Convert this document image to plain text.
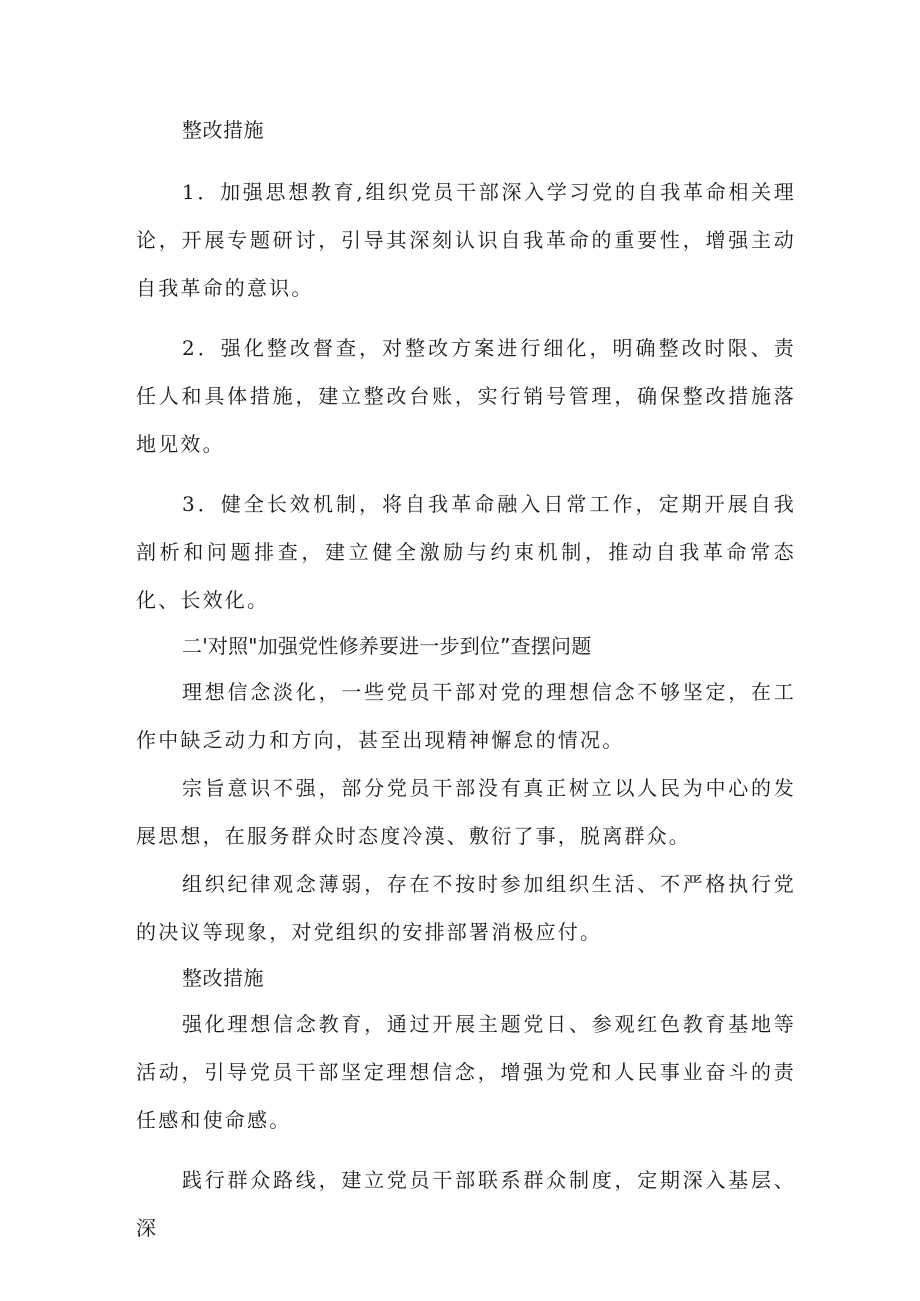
整改措施

1．加强思想教育,组织党员干部深入学习党的自我革命相关理论，开展专题研讨，引导其深刻认识自我革命的重要性，增强主动自我革命的意识。

2．强化整改督查，对整改方案进行细化，明确整改时限、责任人和具体措施，建立整改台账，实行销号管理，确保整改措施落地见效。

3．健全长效机制，将自我革命融入日常工作，定期开展自我剖析和问题排查，建立健全激励与约束机制，推动自我革命常态化、长效化。

二'对照"加强党性修养要进一步到位”查摆问题

理想信念淡化，一些党员干部对党的理想信念不够坚定，在工作中缺乏动力和方向，甚至出现精神懈怠的情况。

宗旨意识不强，部分党员干部没有真正树立以人民为中心的发展思想，在服务群众时态度冷漠、敷衍了事，脱离群众。

组织纪律观念薄弱，存在不按时参加组织生活、不严格执行党的决议等现象，对党组织的安排部署消极应付。

整改措施

强化理想信念教育，通过开展主题党日、参观红色教育基地等活动，引导党员干部坚定理想信念，增强为党和人民事业奋斗的责任感和使命感。

践行群众路线，建立党员干部联系群众制度，定期深入基层、深
